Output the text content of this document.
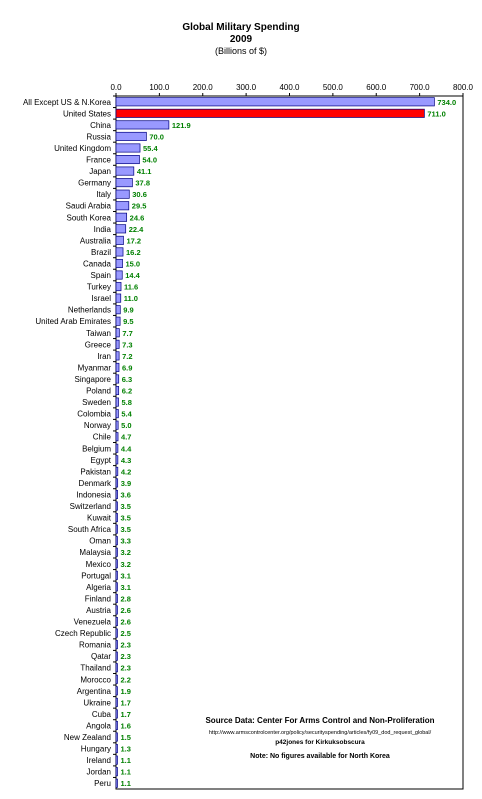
Global Military Spending
2009
(Billions of $)
0.0	100.0	200.0	300.0	400.0	500.0	600.0	700.0	800.0
All Except US & N.Korea	734.0
United States	711.0
China	121.9
Russia	70.0
United Kingdom	55.4
France	54.0
Japan	41.1
Germany	37.8
Italy	30.6
Saudi Arabia	29.5
South Korea 24.6
India 22.4
Australia 17.2
Brazil 16.2
Canada 15.0
Spain 14.4
Turkey 11.6
Israel 11.0
Netherlands 9.9
United Arab Emirates 9.5
Taiwan 7.7
Greece 7.3
Iran 7.2
Myanmar 6.9
Singapore 6.3
Poland 6.2
Sweden 5.8
Colombia 5.4
Norway 5.0
Chile 4.7
Belgium 4.4
Egypt 4.3
Pakistan 4.2
Denmark 3.9
Indonesia 3.6
Switzerland 3.5
Kuwait 3.5
South Africa 3.5
Oman 3.3
Malaysia 3.2
Mexico 3.2
Portugal 3.1
Algeria 3.1
Finland 2.8
Austria 2.6
Venezuela 2.6
Czech Republic 2.5
Romania 2.3
Qatar 2.3
Thailand 2.3
Morocco 2.2
Argentina 1.9
Ukraine 1.7
Cuba 1.7
Angola 1.6
New Zealand 1.5
Hungary 1.3
Ireland 1.1
Jordan 1.1
Peru 1.1
Source Data: Center For Arms Control and Non-Proliferation
http://www.armscontrolcenter.org/policy/securityspending/articles/fy09_dod_request_global/
p42jones for Kirkuksobscura
Note: No figures available for North Korea
